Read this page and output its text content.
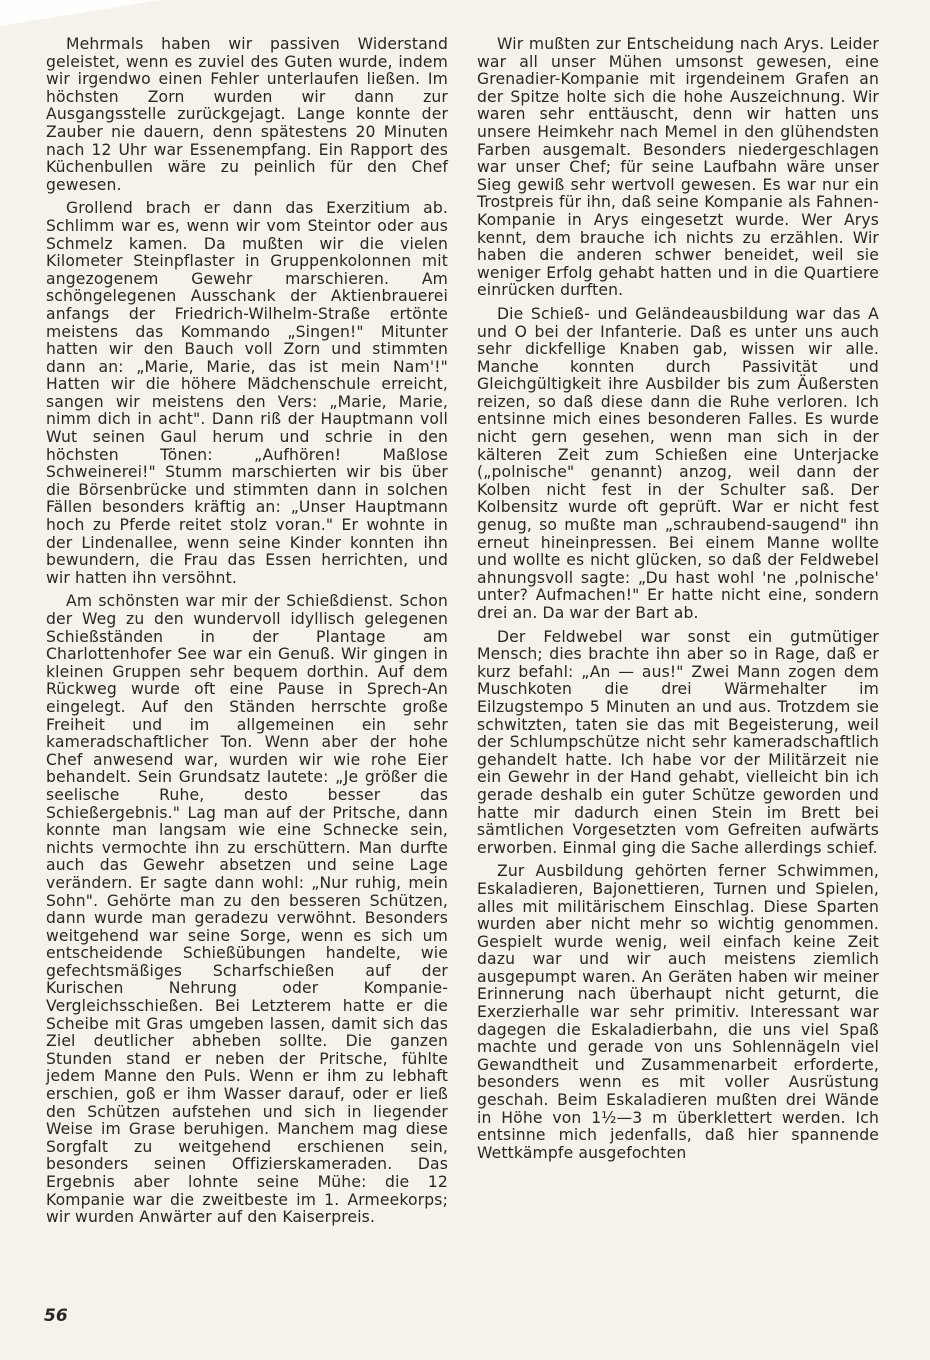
Mehrmals haben wir passiven Widerstand geleistet, wenn es zuviel des Guten wurde, indem wir irgendwo einen Fehler unterlaufen ließen. Im höchsten Zorn wurden wir dann zur Ausgangsstelle zurückgejagt. Lange konnte der Zauber nie dauern, denn spätestens 20 Minuten nach 12 Uhr war Essenempfang. Ein Rapport des Küchenbullen wäre zu peinlich für den Chef gewesen.

Grollend brach er dann das Exerzitium ab. Schlimm war es, wenn wir vom Steintor oder aus Schmelz kamen. Da mußten wir die vielen Kilometer Steinpflaster in Gruppenkolonnen mit angezogenem Gewehr marschieren. Am schöngelegenen Ausschank der Aktienbrauerei anfangs der Friedrich-Wilhelm-Straße ertönte meistens das Kommando „Singen!" Mitunter hatten wir den Bauch voll Zorn und stimmten dann an: „Marie, Marie, das ist mein Nam'!" Hatten wir die höhere Mädchenschule erreicht, sangen wir meistens den Vers: „Marie, Marie, nimm dich in acht". Dann riß der Hauptmann voll Wut seinen Gaul herum und schrie in den höchsten Tönen: „Aufhören! Maßlose Schweinerei!" Stumm marschierten wir bis über die Börsenbrücke und stimmten dann in solchen Fällen besonders kräftig an: „Unser Hauptmann hoch zu Pferde reitet stolz voran." Er wohnte in der Lindenallee, wenn seine Kinder konnten ihn bewundern, die Frau das Essen herrichten, und wir hatten ihn versöhnt.

Am schönsten war mir der Schießdienst. Schon der Weg zu den wundervoll idyllisch gelegenen Schießständen in der Plantage am Charlottenhofer See war ein Genuß. Wir gingen in kleinen Gruppen sehr bequem dorthin. Auf dem Rückweg wurde oft eine Pause in Sprech-An eingelegt. Auf den Ständen herrschte große Freiheit und im allgemeinen ein sehr kameradschaftlicher Ton. Wenn aber der hohe Chef anwesend war, wurden wir wie rohe Eier behandelt. Sein Grundsatz lautete: „Je größer die seelische Ruhe, desto besser das Schießergebnis." Lag man auf der Pritsche, dann konnte man langsam wie eine Schnecke sein, nichts vermochte ihn zu erschüttern. Man durfte auch das Gewehr absetzen und seine Lage verändern. Er sagte dann wohl: „Nur ruhig, mein Sohn". Gehörte man zu den besseren Schützen, dann wurde man geradezu verwöhnt. Besonders weitgehend war seine Sorge, wenn es sich um entscheidende Schießübungen handelte, wie gefechtsmäßiges Scharfschießen auf der Kurischen Nehrung oder Kompanie-Vergleichsschießen. Bei Letzterem hatte er die Scheibe mit Gras umgeben lassen, damit sich das Ziel deutlicher abheben sollte. Die ganzen Stunden stand er neben der Pritsche, fühlte jedem Manne den Puls. Wenn er ihm zu lebhaft erschien, goß er ihm Wasser darauf, oder er ließ den Schützen aufstehen und sich in liegender Weise im Grase beruhigen. Manchem mag diese Sorgfalt zu weitgehend erschienen sein, besonders seinen Offizierskameraden. Das Ergebnis aber lohnte seine Mühe: die 12 Kompanie war die zweitbeste im 1. Armeekorps; wir wurden Anwärter auf den Kaiserpreis.

Wir mußten zur Entscheidung nach Arys. Leider war all unser Mühen umsonst gewesen, eine Grenadier-Kompanie mit irgendeinem Grafen an der Spitze holte sich die hohe Auszeichnung. Wir waren sehr enttäuscht, denn wir hatten uns unsere Heimkehr nach Memel in den glühendsten Farben ausgemalt. Besonders niedergeschlagen war unser Chef; für seine Laufbahn wäre unser Sieg gewiß sehr wertvoll gewesen. Es war nur ein Trostpreis für ihn, daß seine Kompanie als Fahnen-Kompanie in Arys eingesetzt wurde. Wer Arys kennt, dem brauche ich nichts zu erzählen. Wir haben die anderen schwer beneidet, weil sie weniger Erfolg gehabt hatten und in die Quartiere einrücken durften.

Die Schieß- und Geländeausbildung war das A und O bei der Infanterie. Daß es unter uns auch sehr dickfellige Knaben gab, wissen wir alle. Manche konnten durch Passivität und Gleichgültigkeit ihre Ausbilder bis zum Äußersten reizen, so daß diese dann die Ruhe verloren. Ich entsinne mich eines besonderen Falles. Es wurde nicht gern gesehen, wenn man sich in der kälteren Zeit zum Schießen eine Unterjacke („polnische" genannt) anzog, weil dann der Kolben nicht fest in der Schulter saß. Der Kolbensitz wurde oft geprüft. War er nicht fest genug, so mußte man „schraubend-saugend" ihn erneut hineinpressen. Bei einem Manne wollte und wollte es nicht glücken, so daß der Feldwebel ahnungsvoll sagte: „Du hast wohl 'ne ,polnische' unter? Aufmachen!" Er hatte nicht eine, sondern drei an. Da war der Bart ab.

Der Feldwebel war sonst ein gutmütiger Mensch; dies brachte ihn aber so in Rage, daß er kurz befahl: „An — aus!" Zwei Mann zogen dem Muschkoten die drei Wärmehalter im Eilzugstempo 5 Minuten an und aus. Trotzdem sie schwitzten, taten sie das mit Begeisterung, weil der Schlumpschütze nicht sehr kameradschaftlich gehandelt hatte. Ich habe vor der Militärzeit nie ein Gewehr in der Hand gehabt, vielleicht bin ich gerade deshalb ein guter Schütze geworden und hatte mir dadurch einen Stein im Brett bei sämtlichen Vorgesetzten vom Gefreiten aufwärts erworben. Einmal ging die Sache allerdings schief.

Zur Ausbildung gehörten ferner Schwimmen, Eskaladieren, Bajonettieren, Turnen und Spielen, alles mit militärischem Einschlag. Diese Sparten wurden aber nicht mehr so wichtig genommen. Gespielt wurde wenig, weil einfach keine Zeit dazu war und wir auch meistens ziemlich ausgepumpt waren. An Geräten haben wir meiner Erinnerung nach überhaupt nicht geturnt, die Exerzierhalle war sehr primitiv. Interessant war dagegen die Eskaladierbahn, die uns viel Spaß machte und gerade von uns Sohlennägeln viel Gewandtheit und Zusammenarbeit erforderte, besonders wenn es mit voller Ausrüstung geschah. Beim Eskaladieren mußten drei Wände in Höhe von 1½—3 m überklettert werden. Ich entsinne mich jedenfalls, daß hier spannende Wettkämpfe ausgefochten

56
